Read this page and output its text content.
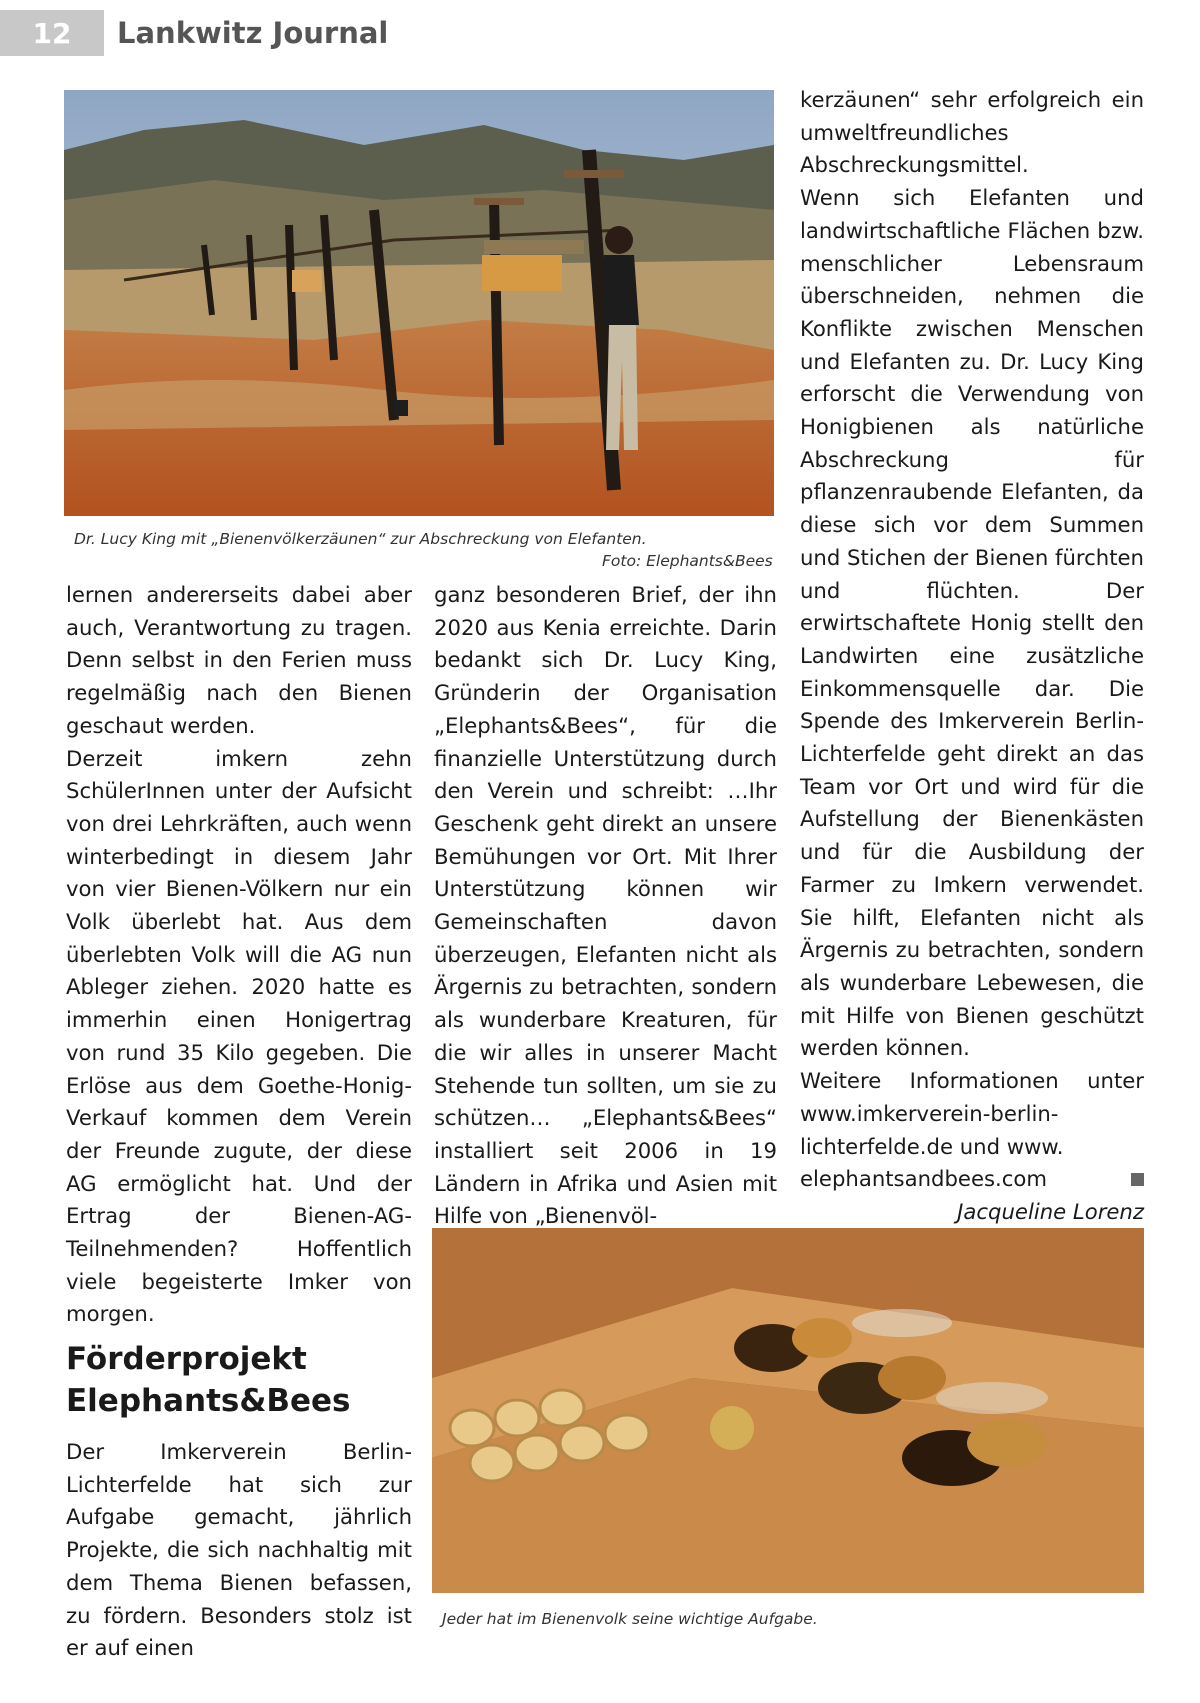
12	Lankwitz Journal
Dr. Lucy King mit „Bienenvölkerzäunen“ zur Abschreckung von Elefanten.
Foto: Elephants&Bees

lernen andererseits dabei aber auch, Verantwortung zu tragen. Denn selbst in den Ferien muss regelmäßig nach den Bienen geschaut werden.

Derzeit imkern zehn SchülerInnen unter der Aufsicht von drei Lehrkräften, auch wenn winterbedingt in diesem Jahr von vier Bienen-Völkern nur ein Volk überlebt hat. Aus dem überlebten Volk will die AG nun Ableger ziehen. 2020 hatte es immerhin einen Honigertrag von rund 35 Kilo gegeben. Die Erlöse aus dem Goethe-Honig-Verkauf kommen dem Verein der Freunde zugute, der diese AG ermöglicht hat. Und der Ertrag der Bienen-AG-Teilnehmenden? Hoffentlich viele begeisterte Imker von morgen.

Förderprojekt Elephants&Bees

Der Imkerverein Berlin-Lichterfelde hat sich zur Aufgabe gemacht, jährlich Projekte, die sich nachhaltig mit dem Thema Bienen befassen, zu fördern. Besonders stolz ist er auf einen

ganz besonderen Brief, der ihn 2020 aus Kenia erreichte. Darin bedankt sich Dr. Lucy King, Gründerin der Organisation „Elephants&Bees“, für die finanzielle Unterstützung durch den Verein und schreibt: …Ihr Geschenk geht direkt an unsere Bemühungen vor Ort. Mit Ihrer Unterstützung können wir Gemeinschaften davon überzeugen, Elefanten nicht als Ärgernis zu betrachten, sondern als wunderbare Kreaturen, für die wir alles in unserer Macht Stehende tun sollten, um sie zu schützen… „Elephants&Bees“ installiert seit 2006 in 19 Ländern in Afrika und Asien mit Hilfe von „Bienenvöl-

kerzäunen“ sehr erfolgreich ein umweltfreundliches Abschreckungsmittel.

Wenn sich Elefanten und landwirtschaftliche Flächen bzw. menschlicher Lebensraum überschneiden, nehmen die Konflikte zwischen Menschen und Elefanten zu. Dr. Lucy King erforscht die Verwendung von Honigbienen als natürliche Abschreckung für pflanzenraubende Elefanten, da diese sich vor dem Summen und Stichen der Bienen fürchten und flüchten. Der erwirtschaftete Honig stellt den Landwirten eine zusätzliche Einkommensquelle dar. Die Spende des Imkerverein Berlin-Lichterfelde geht direkt an das Team vor Ort und wird für die Aufstellung der Bienenkästen und für die Ausbildung der Farmer zu Imkern verwendet. Sie hilft, Elefanten nicht als Ärgernis zu betrachten, sondern als wunderbare Lebewesen, die mit Hilfe von Bienen geschützt werden können.

Weitere Informationen unter www.imkerverein-berlin-lichterfelde.de und www.

elephantsandbees.com
Jacqueline Lorenz
Jeder hat im Bienenvolk seine wichtige Aufgabe.
